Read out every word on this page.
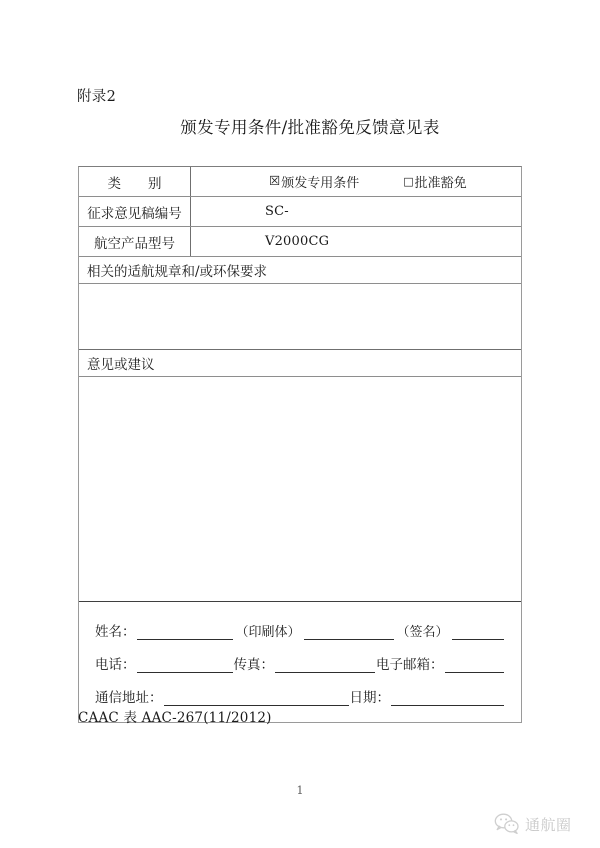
附录2
颁发专用条件/批准豁免反馈意见表
类　　别	☒ 颁发专用条件	□ 批准豁免
征求意见稿编号	SC-
航空产品型号	V2000CG
相关的适航规章和/或环保要求
意见或建议
姓名：	（印刷体）	（签名）
电话：	传真：	电子邮箱：
通信地址：	日期：
CAAC 表 AAC-267(11/2012)
1
通航圈
